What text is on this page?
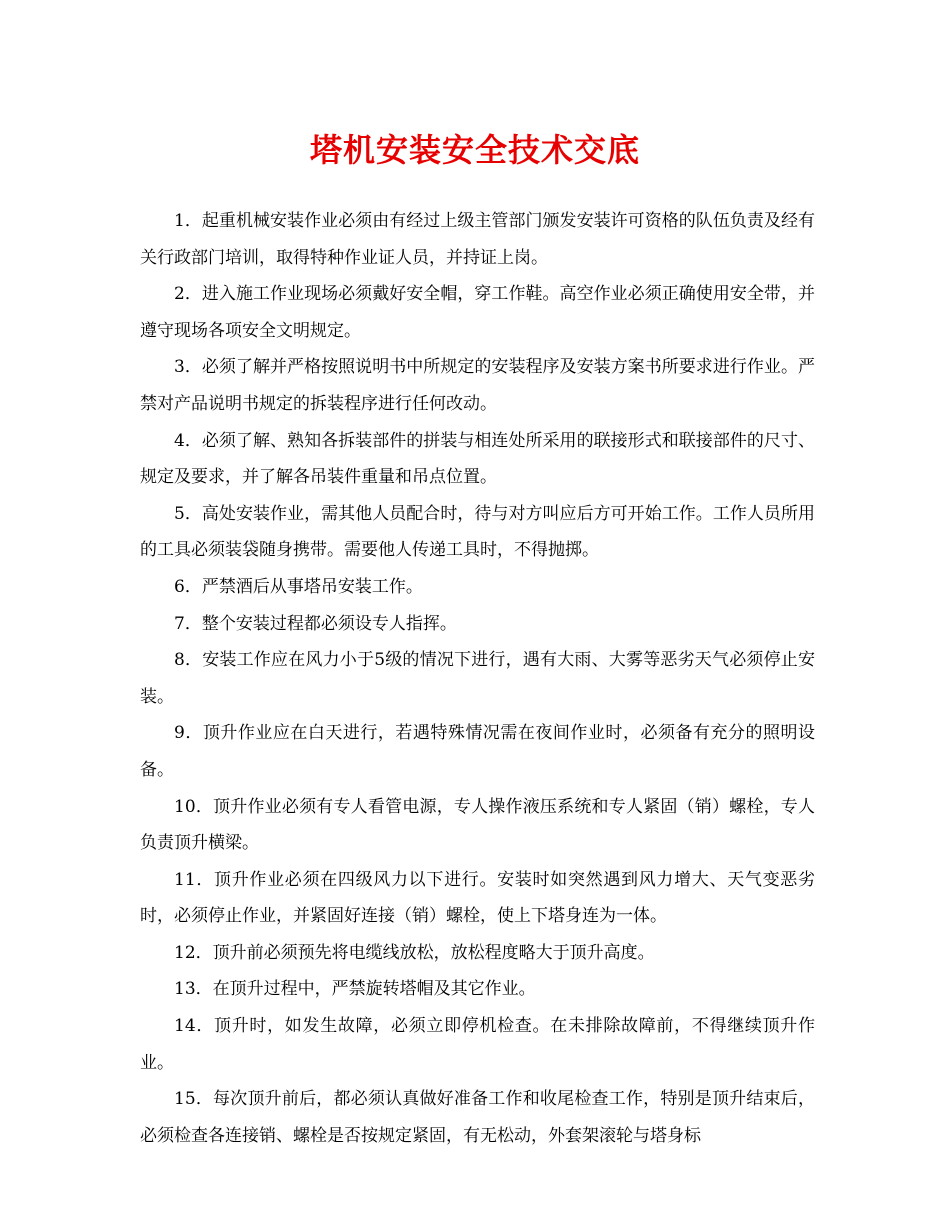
塔机安装安全技术交底

1．起重机械安装作业必须由有经过上级主管部门颁发安装许可资格的队伍负责及经有关行政部门培训，取得特种作业证人员，并持证上岗。

2．进入施工作业现场必须戴好安全帽，穿工作鞋。高空作业必须正确使用安全带，并遵守现场各项安全文明规定。

3．必须了解并严格按照说明书中所规定的安装程序及安装方案书所要求进行作业。严禁对产品说明书规定的拆装程序进行任何改动。

4．必须了解、熟知各拆装部件的拼装与相连处所采用的联接形式和联接部件的尺寸、规定及要求，并了解各吊装件重量和吊点位置。

5．高处安装作业，需其他人员配合时，待与对方叫应后方可开始工作。工作人员所用的工具必须装袋随身携带。需要他人传递工具时，不得抛掷。

6．严禁酒后从事塔吊安装工作。

7．整个安装过程都必须设专人指挥。

8．安装工作应在风力小于5级的情况下进行，遇有大雨、大雾等恶劣天气必须停止安装。

9．顶升作业应在白天进行，若遇特殊情况需在夜间作业时，必须备有充分的照明设备。

10．顶升作业必须有专人看管电源，专人操作液压系统和专人紧固（销）螺栓，专人负责顶升横梁。

11．顶升作业必须在四级风力以下进行。安装时如突然遇到风力增大、天气变恶劣时，必须停止作业，并紧固好连接（销）螺栓，使上下塔身连为一体。

12．顶升前必须预先将电缆线放松，放松程度略大于顶升高度。

13．在顶升过程中，严禁旋转塔帽及其它作业。

14．顶升时，如发生故障，必须立即停机检查。在未排除故障前，不得继续顶升作业。

15．每次顶升前后，都必须认真做好准备工作和收尾检查工作，特别是顶升结束后，必须检查各连接销、螺栓是否按规定紧固，有无松动，外套架滚轮与塔身标
